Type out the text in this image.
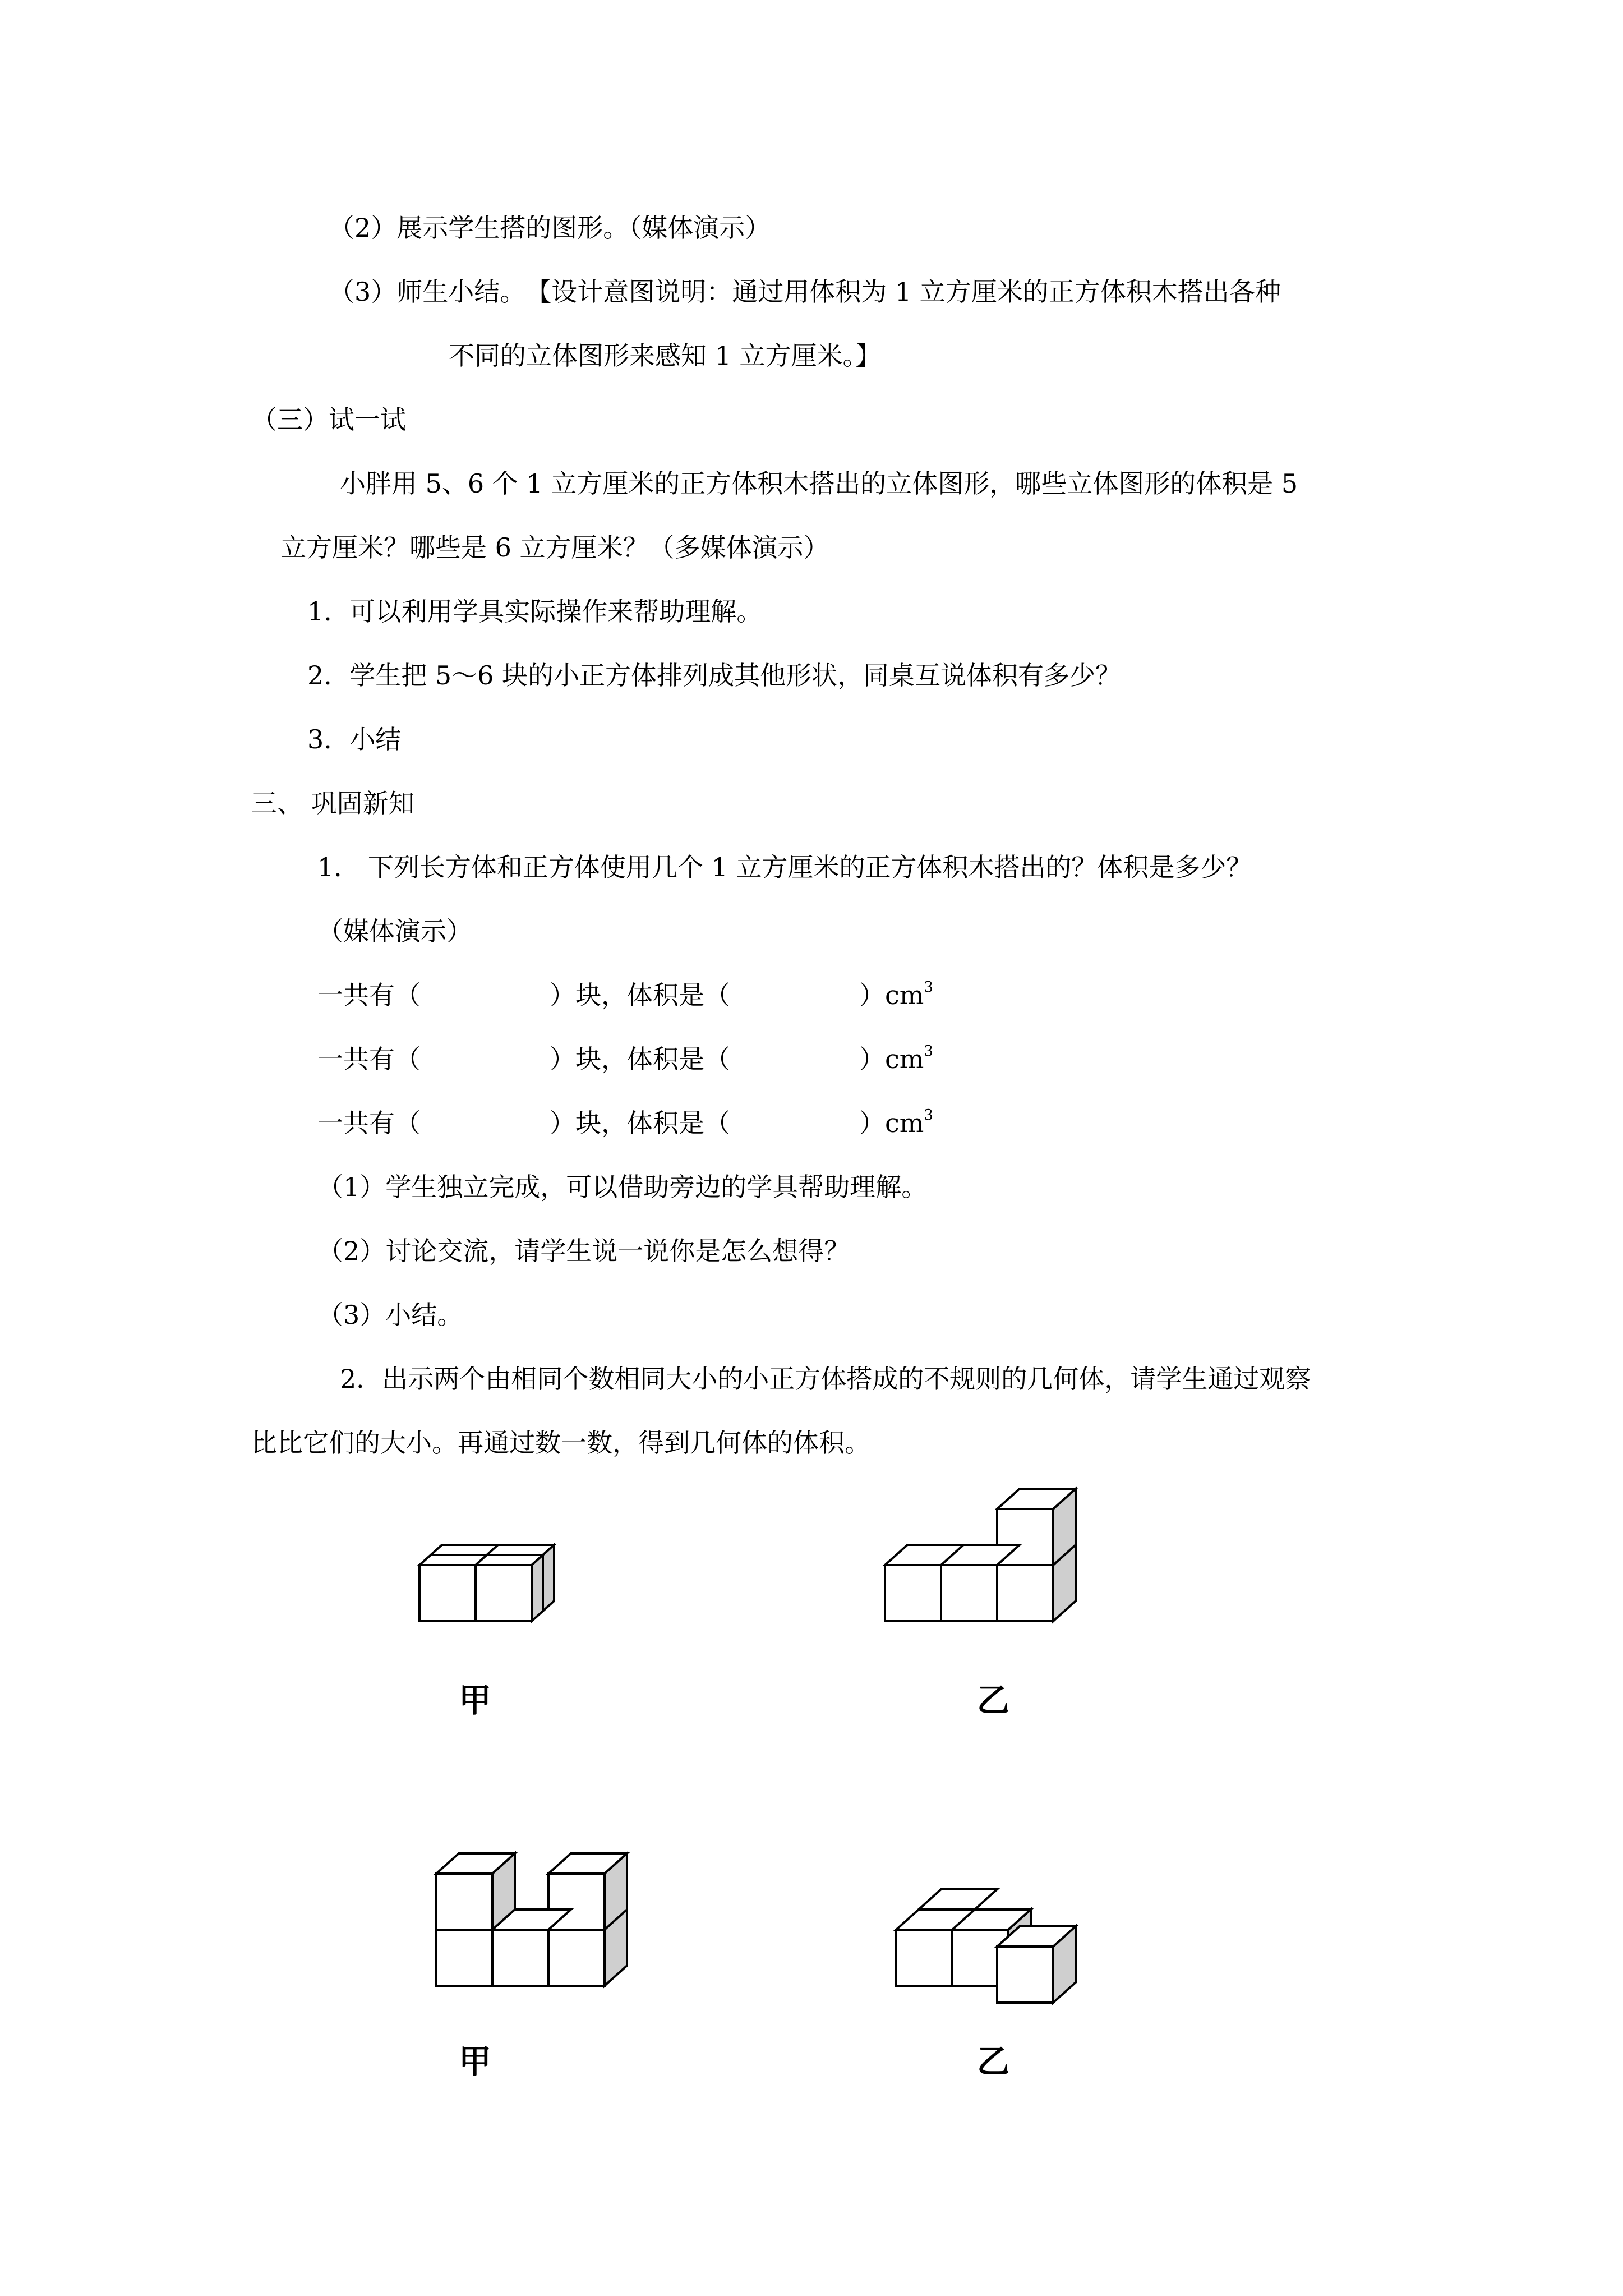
（2）展示学生搭的图形。（媒体演示）
（3）师生小结。　【设计意图说明：通过用体积为 1 立方厘米的正方体积木搭出各种
不同的立体图形来感知 1 立方厘米。】
（三）试一试
小胖用 5、6 个 1 立方厘米的正方体积木搭出的立体图形，哪些立体图形的体积是 5
立方厘米？哪些是 6 立方厘米？（多媒体演示）
1．可以利用学具实际操作来帮助理解。
2．学生把 5～6 块的小正方体排列成其他形状，同桌互说体积有多少？
3．小结
三、 巩固新知
1． 下列长方体和正方体使用几个 1 立方厘米的正方体积木搭出的？体积是多少？
（媒体演示）
一共有（	）块，体积是（	）$cm^3$
一共有（	）块，体积是（	）$cm^3$
一共有（	）块，体积是（	）$cm^3$
（1）学生独立完成，可以借助旁边的学具帮助理解。
（2）讨论交流，请学生说一说你是怎么想得？
（3）小结。
2．出示两个由相同个数相同大小的小正方体搭成的不规则的几何体，请学生通过观察
比比它们的大小。再通过数一数，得到几何体的体积。
甲	乙
甲	乙
